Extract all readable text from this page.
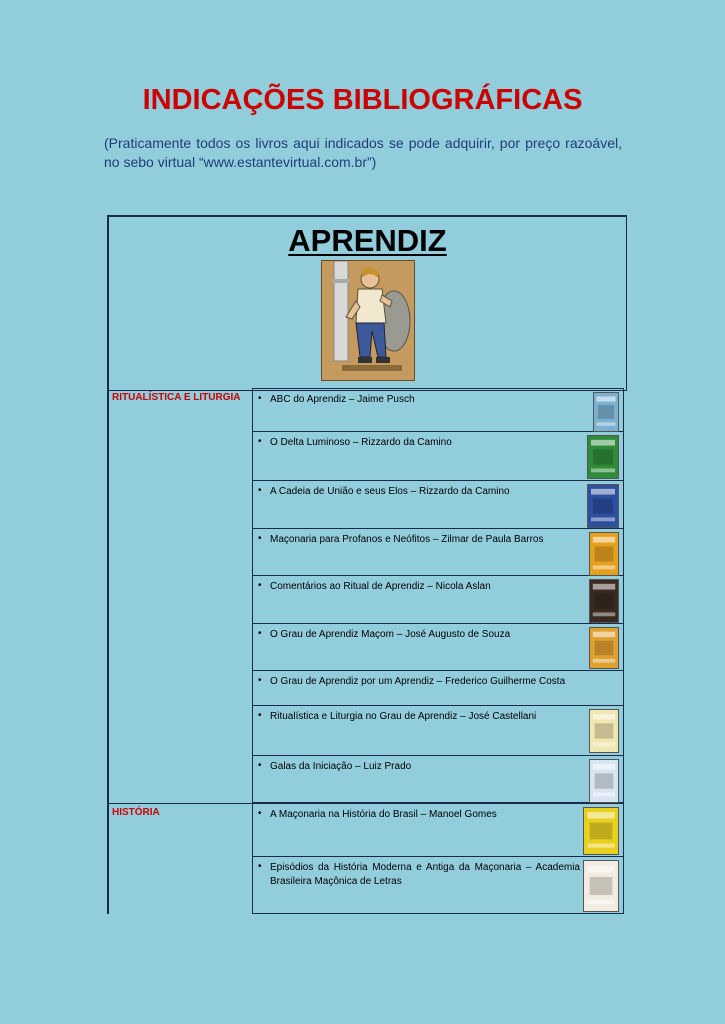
INDICAÇÕES BIBLIOGRÁFICAS

(Praticamente todos os livros aqui indicados se pode adquirir, por preço razoável, no sebo virtual “www.estantevirtual.com.br”)

APRENDIZ
RITUALÍSTICA E LITURGIA • ABC do Aprendiz – Jaime Pusch
• O Delta Luminoso – Rizzardo da Camino
• A Cadeia de União e seus Elos – Rizzardo da Camino
• Maçonaria para Profanos e Neófitos – Zilmar de Paula Barros
• Comentários ao Ritual de Aprendiz – Nicola Aslan
• O Grau de Aprendiz Maçom – José Augusto de Souza
• O Grau de Aprendiz por um Aprendiz – Frederico Guilherme Costa
• Ritualística e Liturgia no Grau de Aprendiz – José Castellani
• Galas da Iniciação – Luiz Prado
HISTÓRIA	• A Maçonaria na História do Brasil – Manoel Gomes
• Episódios da História Moderna e Antiga da Maçonaria – Academia Brasileira Maçônica de Letras
